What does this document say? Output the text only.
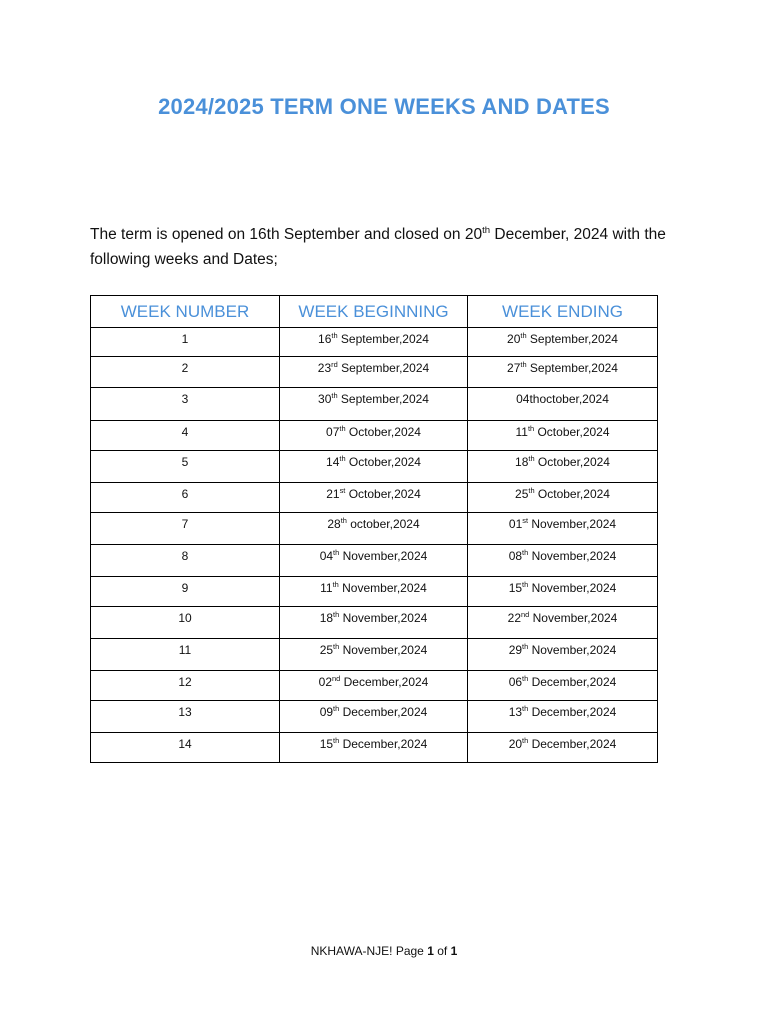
2024/2025 TERM ONE WEEKS AND DATES

The term is opened on 16th September and closed on 20th December, 2024 with the following weeks and Dates;

WEEK NUMBER	WEEK BEGINNING	WEEK ENDING
1	16th September,2024	20th September,2024
2	23rd September,2024	27th September,2024
3	30th September,2024	04thoctober,2024
4	07th October,2024	11th October,2024
5	14th October,2024	18th October,2024
6	21st October,2024	25th October,2024
7	28th october,2024	01st November,2024
8	04th November,2024	08th November,2024
9	11th November,2024	15th November,2024
10	18th November,2024	22nd November,2024
11	25th November,2024	29th November,2024
12	02nd December,2024	06th December,2024
13	09th December,2024	13th December,2024
14	15th December,2024	20th December,2024
NKHAWA-NJE! Page 1 of 1
